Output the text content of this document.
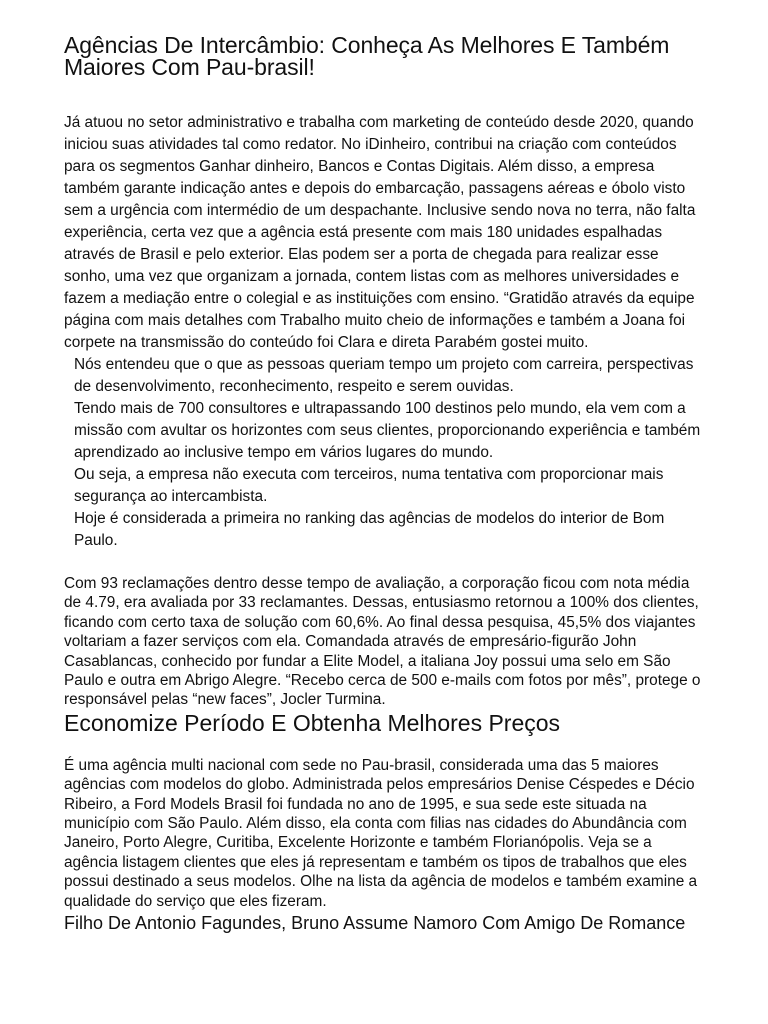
Agências De Intercâmbio: Conheça As Melhores E Também
Maiores Com Pau-brasil!

Já atuou no setor administrativo e trabalha com marketing de conteúdo desde 2020, quando iniciou suas atividades tal como redator. No iDinheiro, contribui na criação com conteúdos para os segmentos Ganhar dinheiro, Bancos e Contas Digitais. Além disso, a empresa também garante indicação antes e depois do embarcação, passagens aéreas e óbolo visto sem a urgência com intermédio de um despachante. Inclusive sendo nova no terra, não falta experiência, certa vez que a agência está presente com mais 180 unidades espalhadas através de Brasil e pelo exterior. Elas podem ser a porta de chegada para realizar esse sonho, uma vez que organizam a jornada, contem listas com as melhores universidades e fazem a mediação entre o colegial e as instituições com ensino. “Gratidão através da equipe página com mais detalhes com Trabalho muito cheio de informações e também a Joana foi corpete na transmissão do conteúdo foi Clara e direta Parabém gostei muito.

Nós entendeu que o que as pessoas queriam tempo um projeto com carreira, perspectivas de desenvolvimento, reconhecimento, respeito e serem ouvidas.
Tendo mais de 700 consultores e ultrapassando 100 destinos pelo mundo, ela vem com a missão com avultar os horizontes com seus clientes, proporcionando experiência e também aprendizado ao inclusive tempo em vários lugares do mundo.
Ou seja, a empresa não executa com terceiros, numa tentativa com proporcionar mais segurança ao intercambista.
Hoje é considerada a primeira no ranking das agências de modelos do interior de Bom Paulo.

Com 93 reclamações dentro desse tempo de avaliação, a corporação ficou com nota média de 4.79, era avaliada por 33 reclamantes. Dessas, entusiasmo retornou a 100% dos clientes, ficando com certo taxa de solução com 60,6%. Ao final dessa pesquisa, 45,5% dos viajantes voltariam a fazer serviços com ela. Comandada através de empresário-figurão John Casablancas, conhecido por fundar a Elite Model, a italiana Joy possui uma selo em São Paulo e outra em Abrigo Alegre. “Recebo cerca de 500 e-mails com fotos por mês”, protege o responsável pelas “new faces”, Jocler Turmina.

Economize Período E Obtenha Melhores Preços

É uma agência multi nacional com sede no Pau-brasil, considerada uma das 5 maiores agências com modelos do globo. Administrada pelos empresários Denise Céspedes e Décio Ribeiro, a Ford Models Brasil foi fundada no ano de 1995, e sua sede este situada na município com São Paulo. Além disso, ela conta com filias nas cidades do Abundância com Janeiro, Porto Alegre, Curitiba, Excelente Horizonte e também Florianópolis. Veja se a agência listagem clientes que eles já representam e também os tipos de trabalhos que eles possui destinado a seus modelos. Olhe na lista da agência de modelos e também examine a qualidade do serviço que eles fizeram.

Filho De Antonio Fagundes, Bruno Assume Namoro Com Amigo De Romance
